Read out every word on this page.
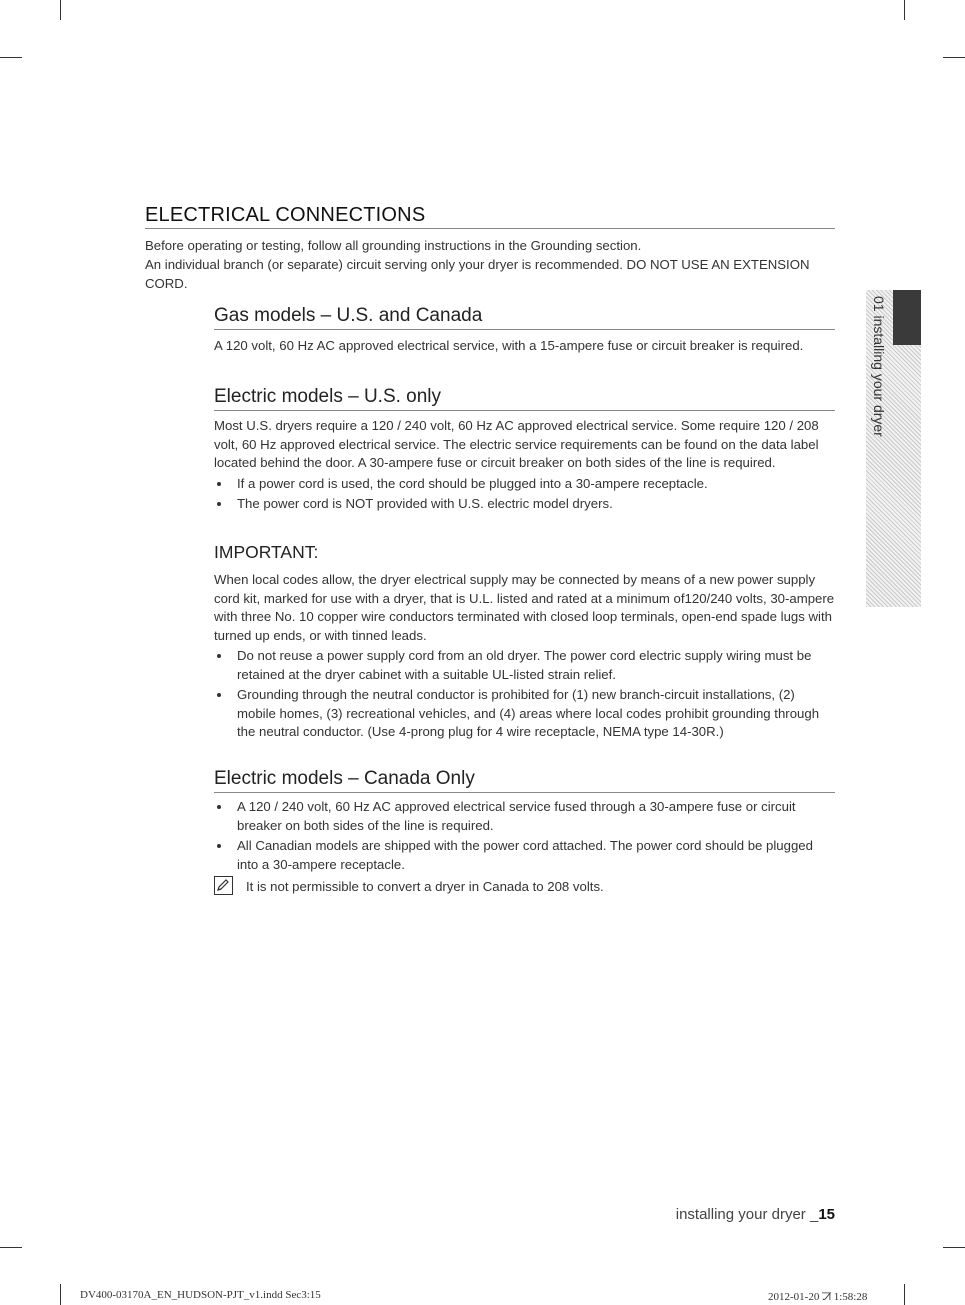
ELECTRICAL CONNECTIONS

Before operating or testing, follow all grounding instructions in the Grounding section.

An individual branch (or separate) circuit serving only your dryer is recommended. DO NOT USE AN EXTENSION CORD.

Gas models – U.S. and Canada

A 120 volt, 60 Hz AC approved electrical service, with a 15-ampere fuse or circuit breaker is required.

Electric models – U.S. only

Most U.S. dryers require a 120 / 240 volt, 60 Hz AC approved electrical service. Some require 120 / 208 volt, 60 Hz approved electrical service. The electric service requirements can be found on the data label located behind the door. A 30-ampere fuse or circuit breaker on both sides of the line is required.

If a power cord is used, the cord should be plugged into a 30-ampere receptacle.
The power cord is NOT provided with U.S. electric model dryers.
IMPORTANT:

When local codes allow, the dryer electrical supply may be connected by means of a new power supply cord kit, marked for use with a dryer, that is U.L. listed and rated at a minimum of120/240 volts, 30-ampere with three No. 10 copper wire conductors terminated with closed loop terminals, open-end spade lugs with turned up ends, or with tinned leads.

Do not reuse a power supply cord from an old dryer. The power cord electric supply wiring must be retained at the dryer cabinet with a suitable UL-listed strain relief.
Grounding through the neutral conductor is prohibited for (1) new branch-circuit installations, (2) mobile homes, (3) recreational vehicles, and (4) areas where local codes prohibit grounding through the neutral conductor. (Use 4-prong plug for 4 wire receptacle, NEMA type 14-30R.)
Electric models – Canada Only
A 120 / 240 volt, 60 Hz AC approved electrical service fused through a 30-ampere fuse or circuit breaker on both sides of the line is required.
All Canadian models are shipped with the power cord attached. The power cord should be plugged into a 30-ampere receptacle.
It is not permissible to convert a dryer in Canada to 208 volts.
01 installing your dryer
installing your dryer _15
DV400-03170A_EN_HUDSON-PJT_v1.indd Sec3:15	2012-01-20 ꠀ 1:58:28
